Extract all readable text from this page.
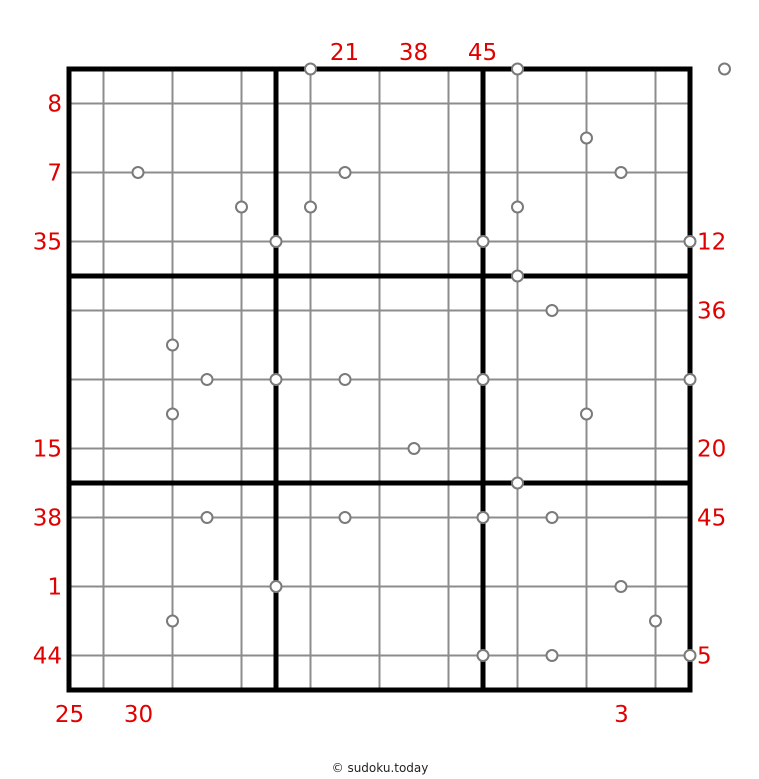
21 38 45
25 30	3
8
7
35
15
38
1
44
12
36
20
45
5
© sudoku.today
